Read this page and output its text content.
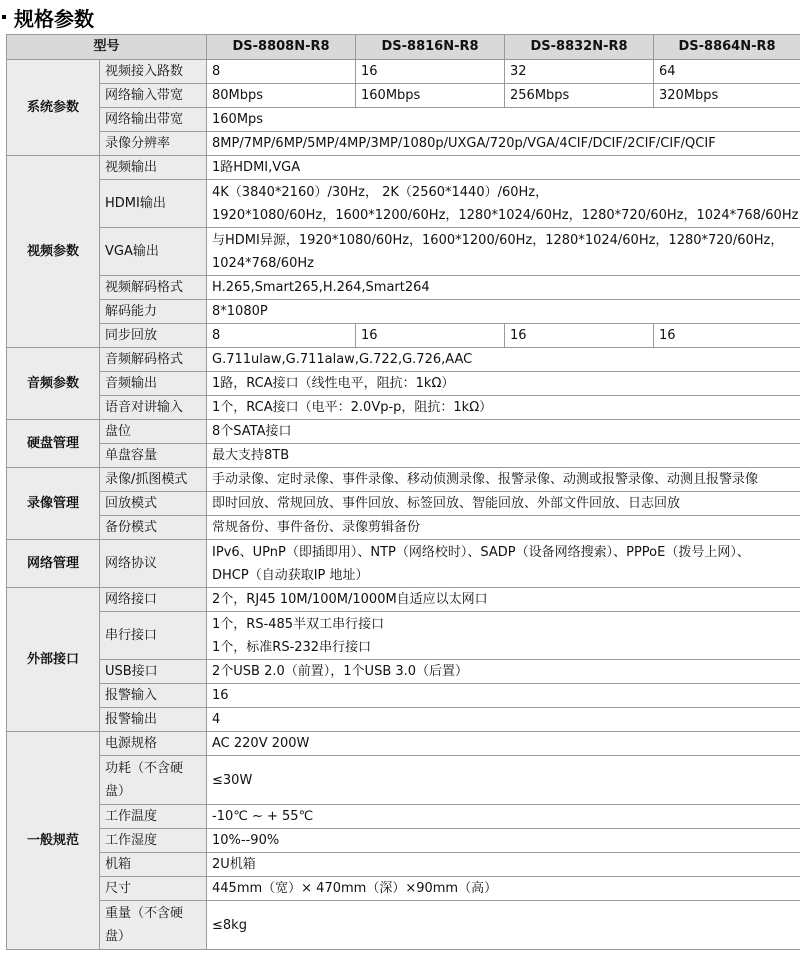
规格参数
型号		DS-8808N-R8	DS-8816N-R8	DS-8832N-R8	DS-8864N-R8
系统参数	视频接入路数	8	16	32	64
	网络输入带宽	80Mbps	160Mbps	256Mbps	320Mbps
	网络输出带宽	160Mps			
	录像分辨率	8MP/7MP/6MP/5MP/4MP/3MP/1080p/UXGA/720p/VGA/4CIF/DCIF/2CIF/CIF/QCIF			
视频参数	视频输出	1路HDMI,VGA			
	HDMI输出	4K（3840*2160）/30Hz， 2K（2560*1440）/60Hz，
1920*1080/60Hz，1600*1200/60Hz，1280*1024/60Hz，1280*720/60Hz，1024*768/60Hz			

	VGA输出	与HDMI异源，1920*1080/60Hz，1600*1200/60Hz，1280*1024/60Hz，1280*720/60Hz，
1024*768/60Hz			

	视频解码格式	H.265,Smart265,H.264,Smart264			
	解码能力	8*1080P			
	同步回放	8	16	16	16
音频参数	音频解码格式	G.711ulaw,G.711alaw,G.722,G.726,AAC			
	音频输出	1路，RCA接口（线性电平，阻抗：1kΩ）			
	语音对讲输入	1个，RCA接口（电平：2.0Vp-p，阻抗：1kΩ）			
硬盘管理	盘位	8个SATA接口			
	单盘容量	最大支持8TB			
录像管理	录像/抓图模式	手动录像、定时录像、事件录像、移动侦测录像、报警录像、动测或报警录像、动测且报警录像			
	回放模式	即时回放、常规回放、事件回放、标签回放、智能回放、外部文件回放、日志回放			
	备份模式	常规备份、事件备份、录像剪辑备份			
网络管理	网络协议	IPv6、UPnP（即插即用）、NTP（网络校时）、SADP（设备网络搜索）、PPPoE（拨号上网）、
DHCP（自动获取IP 地址）			

外部接口	网络接口	2个，RJ45 10M/100M/1000M自适应以太网口			
	串行接口	1个，RS-485半双工串行接口
1个，标准RS-232串行接口			

	USB接口	2个USB 2.0（前置），1个USB 3.0（后置）			
	报警输入	16			
	报警输出	4			
一般规范	电源规格	AC 220V 200W			

	功耗（不含硬
盘）	≤30W			
	工作温度	-10℃ ~ + 55℃			
	工作湿度	10%--90%			
	机箱	2U机箱			
	尺寸	445mm（宽）× 470mm（深）×90mm（高）			

	重量（不含硬
盘）	≤8kg			
